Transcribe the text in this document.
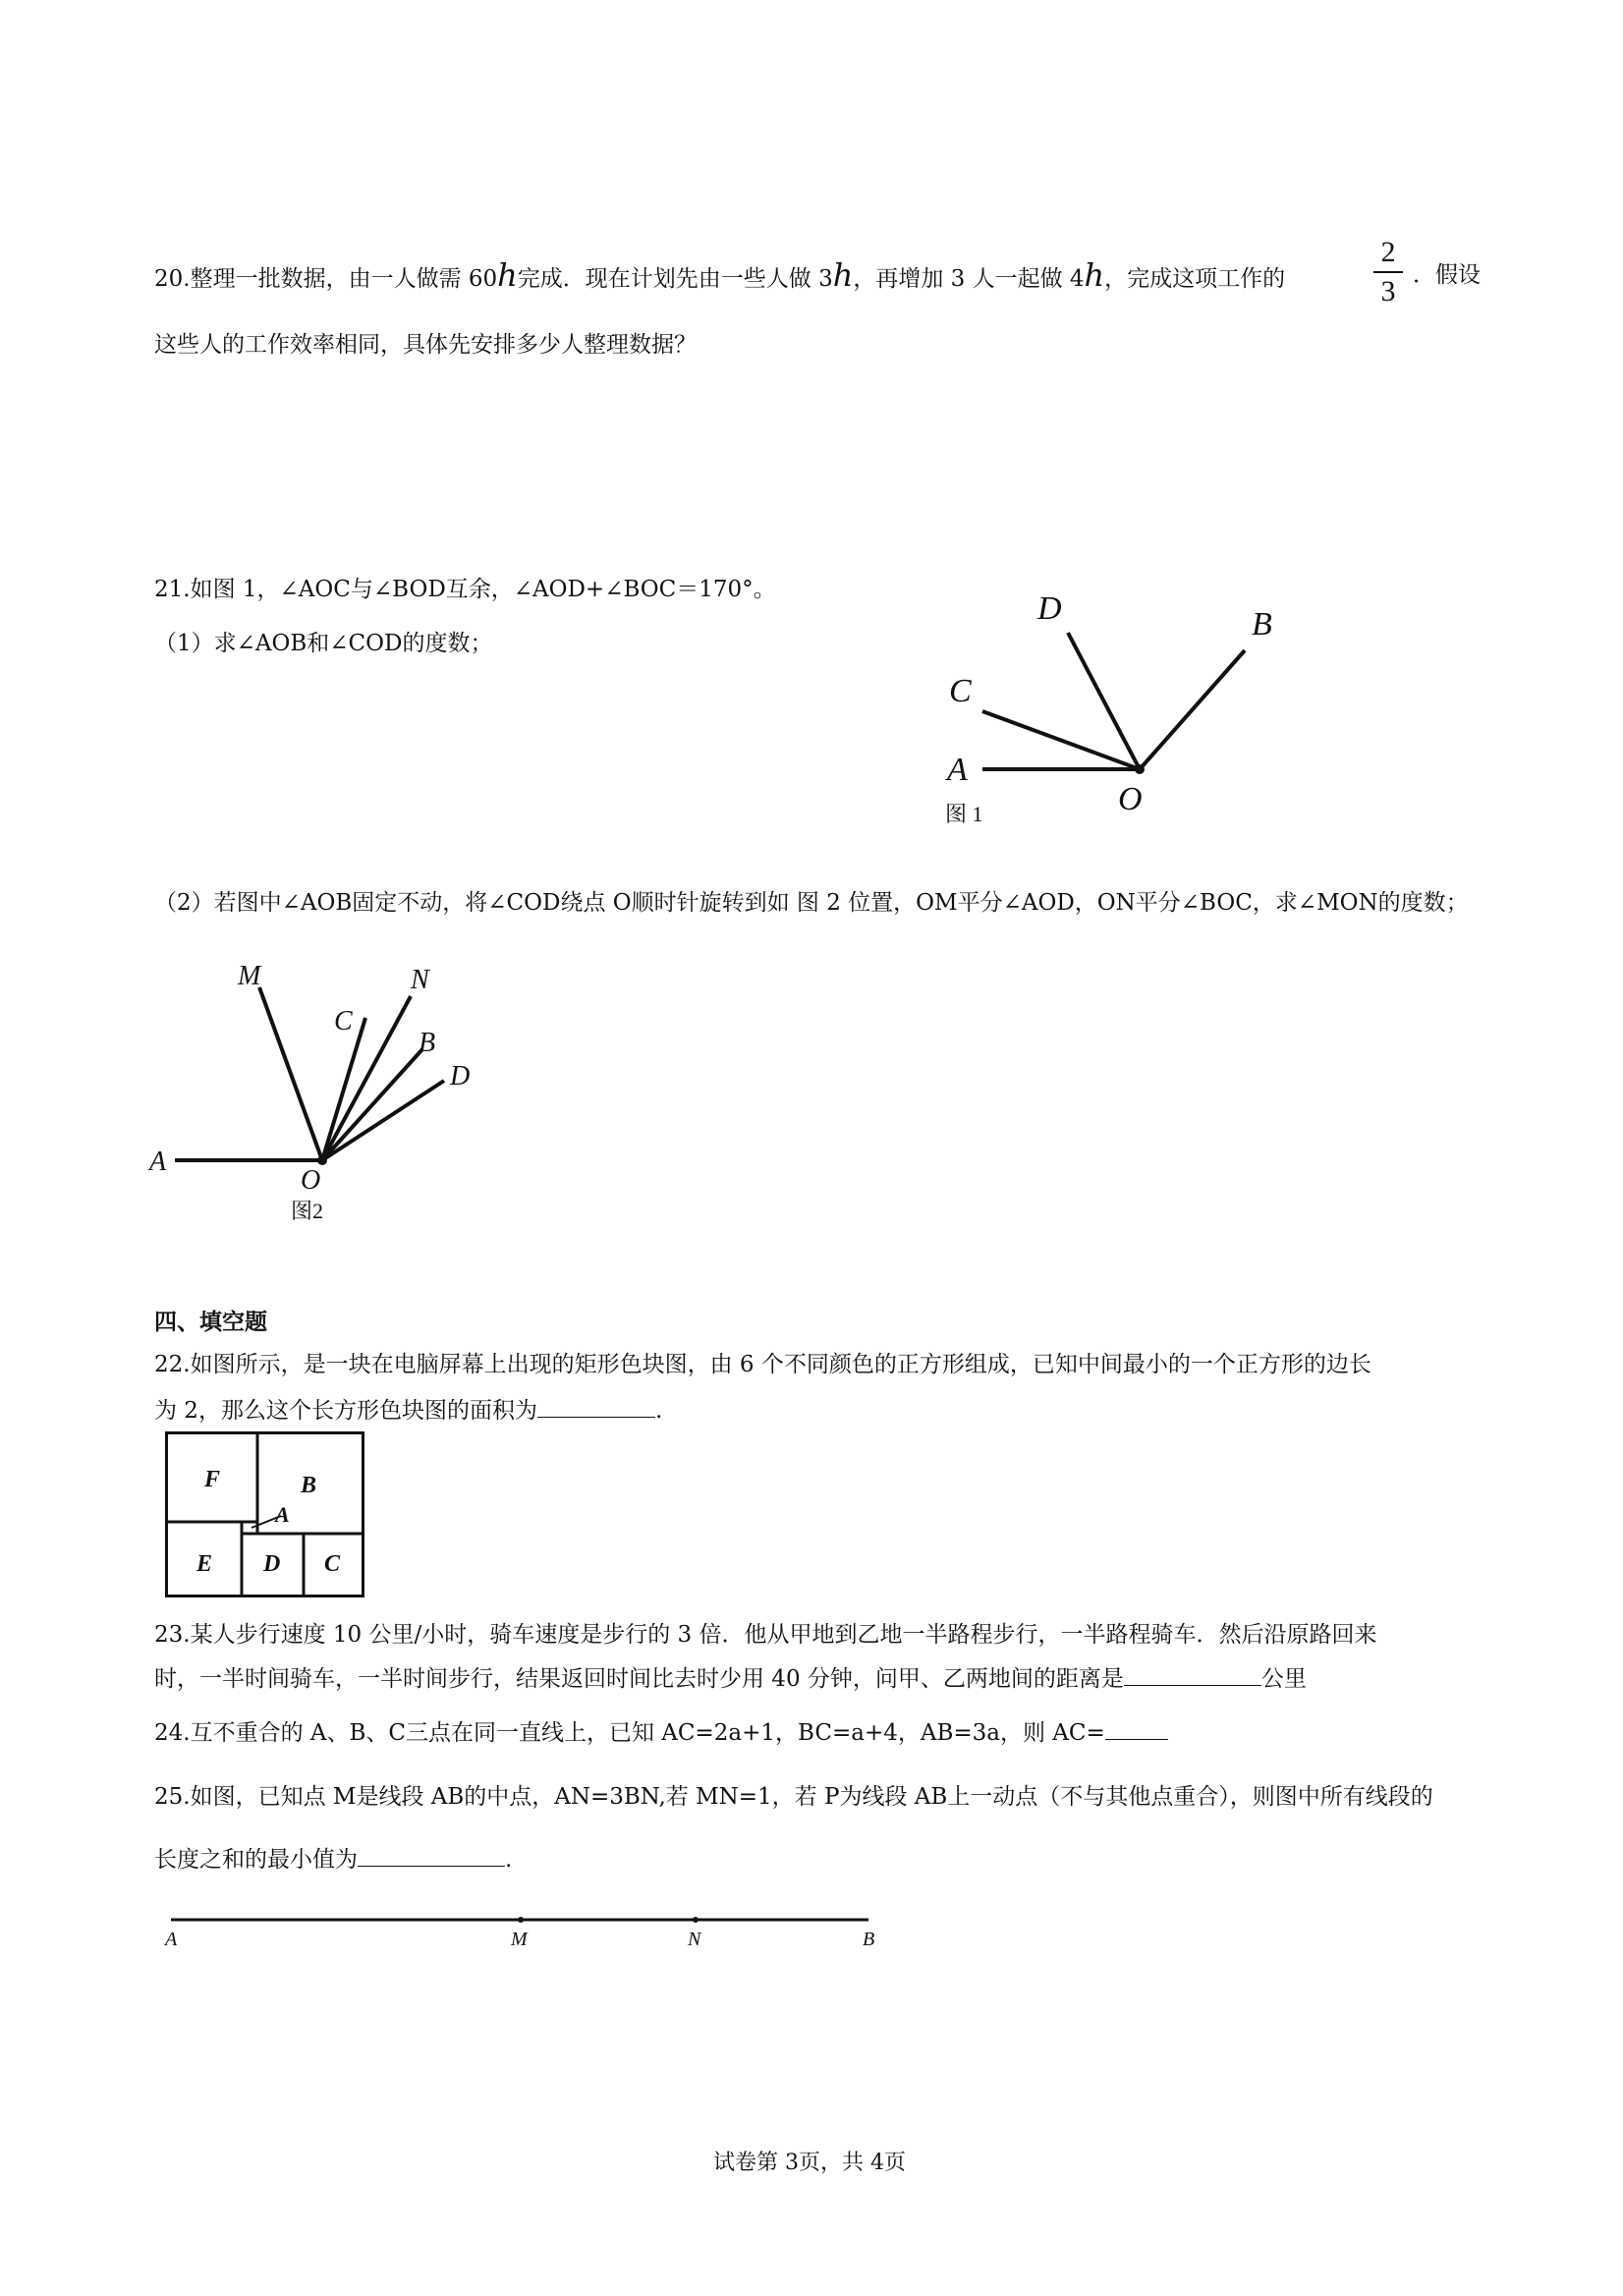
20.整理一批数据，由一人做需 60h完成．现在计划先由一些人做 3h，再增加 3 人一起做 4h，完成这项工作的
2
3 ．假设
这些人的工作效率相同，具体先安排多少人整理数据？
21.如图 1，∠AOC与∠BOD互余，∠AOD+∠BOC＝170°。
（1）求∠AOB和∠COD的度数；
A
C
D	B
O
图 1
（2）若图中∠AOB固定不动，将∠COD绕点 O顺时针旋转到如 图 2 位置，OM平分∠AOD，ON平分∠BOC，求∠MON的度数；
M	N
C
B
D
A
O
图2
四、填空题
22.如图所示，是一块在电脑屏幕上出现的矩形色块图，由 6 个不同颜色的正方形组成，已知中间最小的一个正方形的边长
为 2，那么这个长方形色块图的面积为	.
F	B
A
E D C
23.某人步行速度 10 公里/小时，骑车速度是步行的 3 倍．他从甲地到乙地一半路程步行，一半路程骑车．然后沿原路回来
时，一半时间骑车，一半时间步行，结果返回时间比去时少用 40 分钟，问甲、乙两地间的距离是	公里
24.互不重合的 A、B、C三点在同一直线上，已知 AC=2a+1，BC=a+4，AB=3a，则 AC=
25.如图，已知点 M是线段 AB的中点，AN=3BN,若 MN=1，若 P为线段 AB上一动点（不与其他点重合），则图中所有线段的
长度之和的最小值为	.
A	M	N	B
试卷第 3页，共 4页
